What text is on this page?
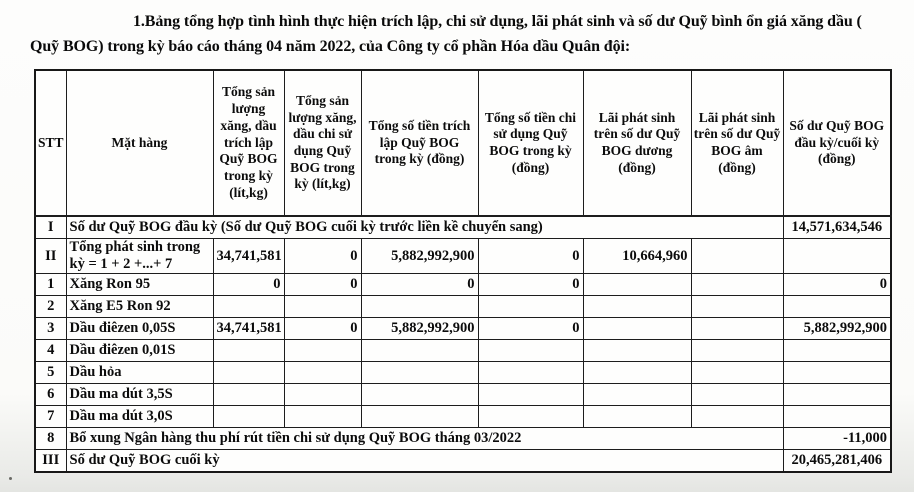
1.Bảng tổng hợp tình hình thực hiện trích lập, chi sử dụng, lãi phát sinh và số dư Quỹ bình ổn giá xăng dầu ( Quỹ BOG) trong kỳ báo cáo tháng 04 năm 2022, của Công ty cổ phần Hóa dầu Quân đội:

STT	Mặt hàng	Tổng sản lượng xăng, dầu trích lập Quỹ BOG trong kỳ (lít,kg)	Tổng sản lượng xăng, dầu chi sử dụng Quỹ BOG trong kỳ (lít,kg)	Tổng số tiền trích lập Quỹ BOG trong kỳ (đồng)	Tổng số tiền chi sử dụng Quỹ BOG trong kỳ (đồng)	Lãi phát sinh trên số dư Quỹ BOG dương (đồng)	Lãi phát sinh trên số dư Quỹ BOG âm (đồng)	Số dư Quỹ BOG đầu kỳ/cuối kỳ (đồng)
I	Số dư Quỹ BOG đầu kỳ (Số dư Quỹ BOG cuối kỳ trước liền kề chuyển sang)							14,571,634,546
II	Tổng phát sinh trong kỳ = 1 + 2 +...+ 7	34,741,581	0	5,882,992,900	0	10,664,960		
1	Xăng Ron 95	0	0	0	0			0
2	Xăng E5 Ron 92							
3	Dầu điêzen 0,05S	34,741,581	0	5,882,992,900	0			5,882,992,900
4	Dầu điêzen 0,01S							
5	Dầu hỏa							
6	Dầu ma dút 3,5S							
7	Dầu ma dút 3,0S							
8	Bổ xung Ngân hàng thu phí rút tiền chi sử dụng Quỹ BOG tháng 03/2022							-11,000
III	Số dư Quỹ BOG cuối kỳ							20,465,281,406
